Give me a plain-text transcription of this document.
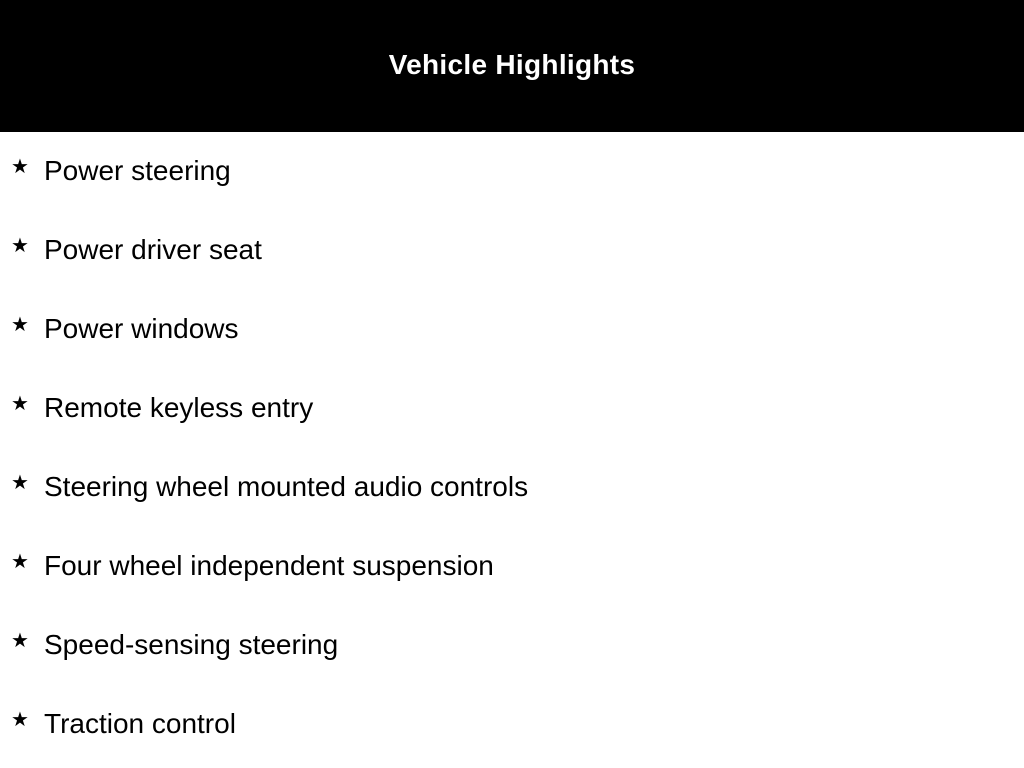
Vehicle Highlights
★ Power steering
★ Power driver seat
★ Power windows
★ Remote keyless entry
★ Steering wheel mounted audio controls
★ Four wheel independent suspension
★ Speed-sensing steering
★ Traction control
